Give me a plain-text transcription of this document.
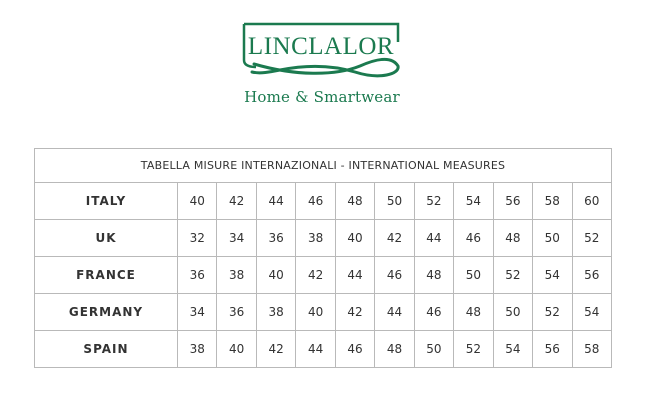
LINCLALOR
Home & Smartwear
TABELLA MISURE INTERNAZIONALI - INTERNATIONAL MEASURES											
ITALY	40	42	44	46	48	50	52	54	56	58	60
UK	32	34	36	38	40	42	44	46	48	50	52
FRANCE	36	38	40	42	44	46	48	50	52	54	56
GERMANY	34	36	38	40	42	44	46	48	50	52	54
SPAIN	38	40	42	44	46	48	50	52	54	56	58
